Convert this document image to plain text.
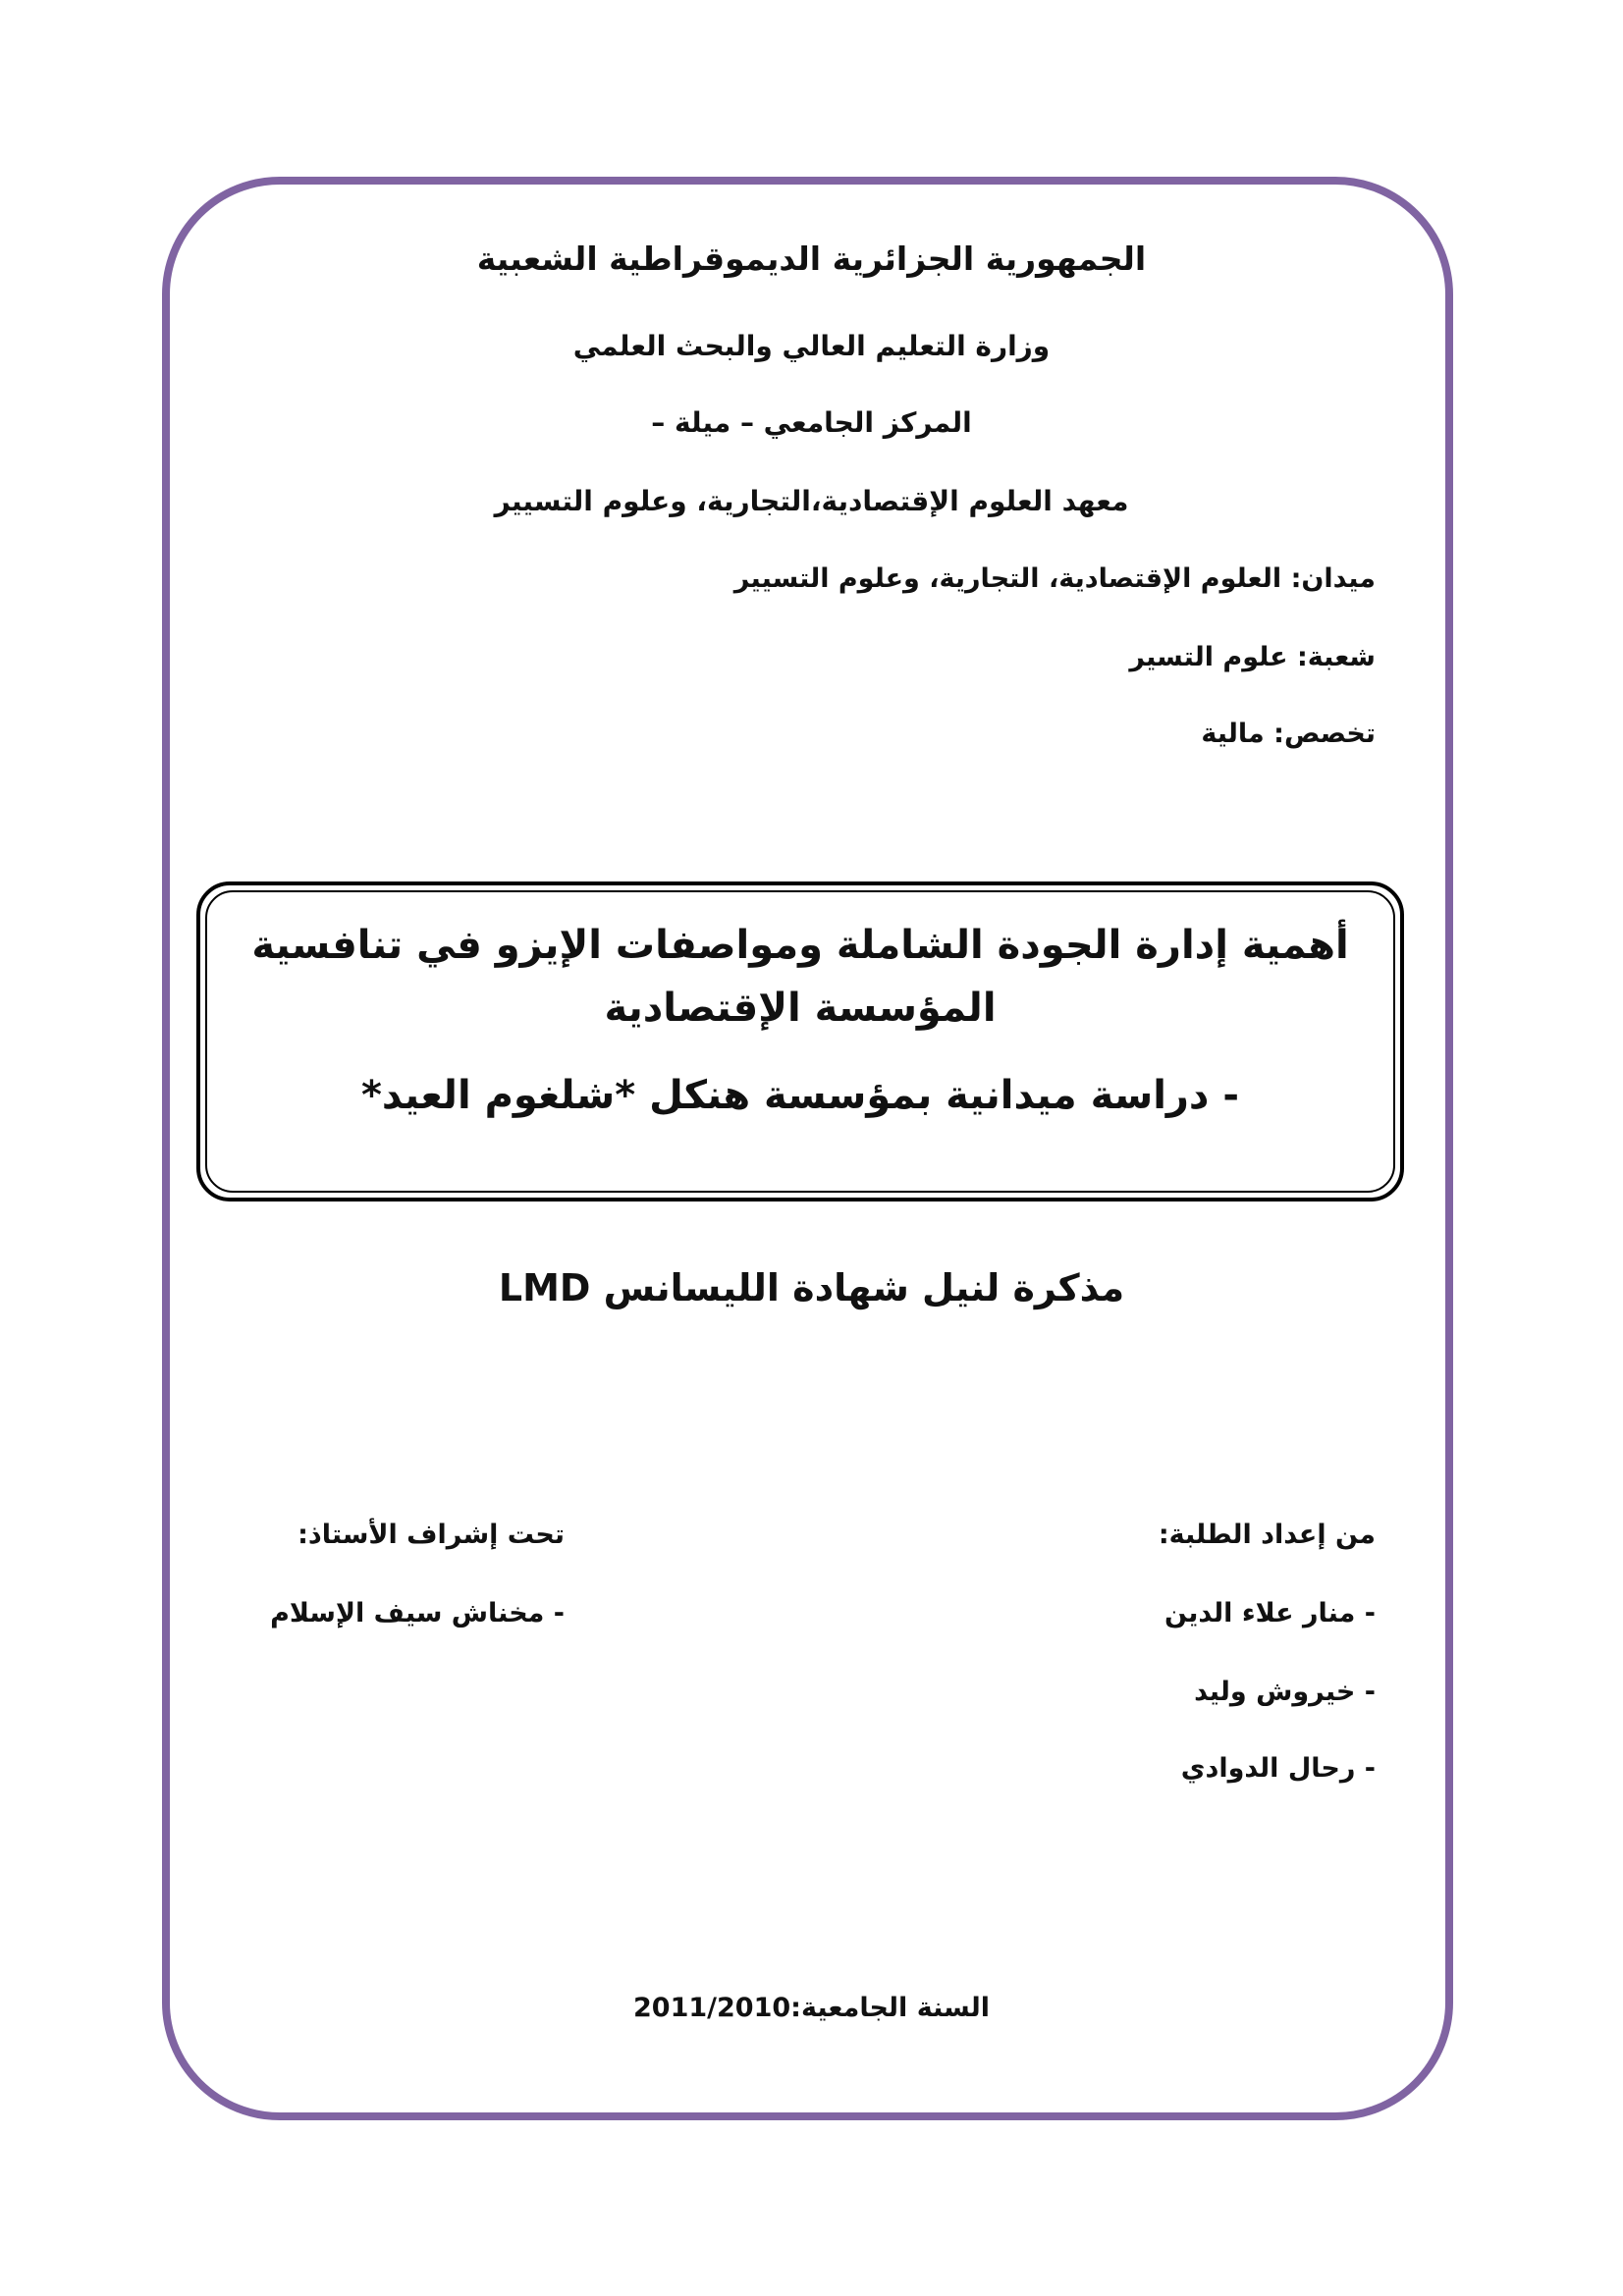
الجمهورية الجزائرية الديموقراطية الشعبية
وزارة التعليم العالي والبحث العلمي
المركز الجامعي – ميلة –
معهد العلوم الإقتصادية،التجارية، وعلوم التسيير
ميدان: العلوم الإقتصادية، التجارية، وعلوم التسيير
شعبة: علوم التسير
تخصص: مالية
أهمية إدارة الجودة الشاملة ومواصفات الإيزو في تنافسية المؤسسة الإقتصادية
- دراسة ميدانية بمؤسسة هنكل *شلغوم العيد*
مذكرة لنيل شهادة الليسانس LMD
من إعداد الطلبة:
- منار علاء الدين
- خيروش وليد
- رحال الدوادي
تحت إشراف الأستاذ:
- مخناش سيف الإسلام
السنة الجامعية:2011/2010
